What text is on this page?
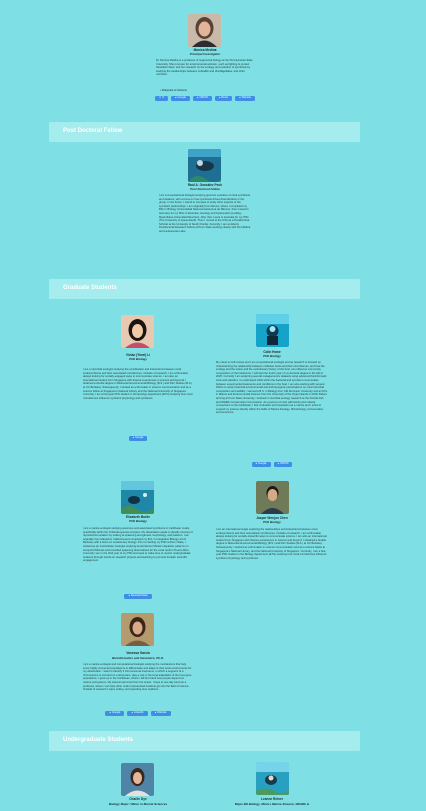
Monica Medina
Principal Investigator
Dr. Monica Medina is a professor of organismal biology at the Pennsylvania State University. She is known for environmental activism, such as fighting to protect Vanadium Reef, and her research on the ecology and evolution of symbiosis by studying the relationships between zebrafish and dinoflagellates, and other microbes.
• Wikipedia & Nobetrel
✕ X	● Google	● ORCID	● ResG	● Website
Post Doctoral Fellow
Raúl A. González Pech
Post Doctoral Fellow
I am a computational biologist studying genomic evolution of coral symbionts and relatives, with a focus on how symbiosis drives diversification in the group. In the future, I intend to compare to study other aspects of the symbiotic partnerships. I am originally from Mexico, where I completed my BSc in Biology (Universidad Nacional Autónoma de México), then moved to Germany for my MSc in Evolution, Ecology and Systematics (Ludwig-Maximilians-Universität München). After that, I went to Australia for my PhD (The University of Queensland). Then I moved to the USA as a Postdoctoral Scholar at the University of South Florida. Currently, I am an Eberly Postdoctoral Research Fellow at Penn State working closely with the Medina and LaJeunesse Labs.
Graduate Students
Vivian (Yiwei) Li
PhD Biology
I am a microbial ecologist studying the coordination and interactions between coral endosymbionts and their associated microbiomes. Outside of research, I am a filmmaker always looking for socially-engaged ways to communicate science. I am also an international student from Singapore with diverse experiences in science and beyond. I obtained a double degree in Molecular Environmental Biology (B.S.) and Film Studies (B.A.) at UC Berkeley. Subsequently, I worked as a filmmaker in science communication and as a science fellow at Singapore's National Library and the National University of Singapore. Currently, I am a first-year PhD student in the Ecology department (ETG) studying how coral microbiomes influence symbiont physiology and symbiosis.
● Google
Colin Howe
PhD Biology
My name is Colin Howe and I am computational ecologist and as research is focused on characterizing the relationship between cnidarian hosts and their microbiomes, and how the ecology and the stress and the evolutionary history of the host, can influence community composition of the holobionts. I will start the fourth year of my doctoral degree in the fall of 2025. Currently I am analyzing several metagenomics datasets using advanced bioinformatic tools and statistics, to understand shifts within the bacterial and symbiont communities between experimental treatments and conditions in the host. I am also working with several DNA's to study historical environmental and anthropogenic perturbations on coral microbial composition and stability. I earned a B.S. in Biology from Old Dominion University and an M.S. in Marine and Environmental Science from the University of the Virgin Islands in 2018. Before arriving at Penn State University, I worked in microbial ecology research at the Florida Fish and Wildlife Conservation Commission. As a person of color with family and cultural connections to the Caribbean, I find motivation and inspiration as a marine and I strive to expand my science identity within the fields of Marine Ecology, Microbiology, Conservation, and Genomics.
● Google	● ORCID
Elizabeth Bortle
PhD Biology
I am a marine ecologist studying anemone and associated symbionts in Caribbean corals, specifically within the Orbicella species complex. My dissertation seeks to identify sources of reproductive isolation by looking at spawning and gamete morphology, and patterns. I am originally from Maryland, California and completed my B.A. in Integrative Biology at UC Berkeley with a focus on evolutionary biology. Prior to starting my PhD at Penn State, I worked as an invertebrate zoologist studying Aerial Sensor Mission depletion patterns on Acroporid Micrass and recorded spawning observations for the coral reefs in Puerto Rico. Currently I am in the third year of my PhD and seek to make time to mentor undergraduate students through hands-on research projects and teaching to promote broader scientific engagement.
● ResearchGate
Jasper Wenjun Chen
PhD Biology
I am an international single exploring the relationships and interactions between coral endosymbionts and their associated microbiomes. Outside of research, I am a filmmaker always looking for socially-impactful ways to communicate science. I am also an international student from Singapore with diverse experiences in science and beyond. I obtained a double degree in Molecular Environmental Biology (B.S.) and Film Studies (B.A.) at UC Berkeley. Subsequently, I worked as a filmmaker in science communication and as a science fellow at Singapore's National Library, and the National University of Singapore. Currently, I am a first-year PhD student in the Biology department (ETG) studying how coral microbiomes influence symbiont physiology and symbiosis.
Vanessa Garcia
Bioinformatics and Genomics, Ph.D.
I am a marine ecologist and computational biologist studying the mechanisms that help some highly connected populations to differentiate and adapt to their local environments for my dissertation. I want to identify if chromosomal inversions, in which a segment of a chromosome is inverted on a dimension, play a role in the local adaptation of the host gene populations. I grew up in the Caribbean, where I felt first hand how people depend on marine ecosystems. My interest stemmed from the ocean. I hope to one day become a professor, where I can help other under-represented students get into the field of science. Outside of research I enjoy writing, and spending time outdoors.
● Google	● LinkedIn	● Website
Undergraduate Students
Charlie Dye
Biology Major / Minor in Marine Sciences
Leanne Reiner
Major BS Biology, Minors Marine Science, Wildlife &
